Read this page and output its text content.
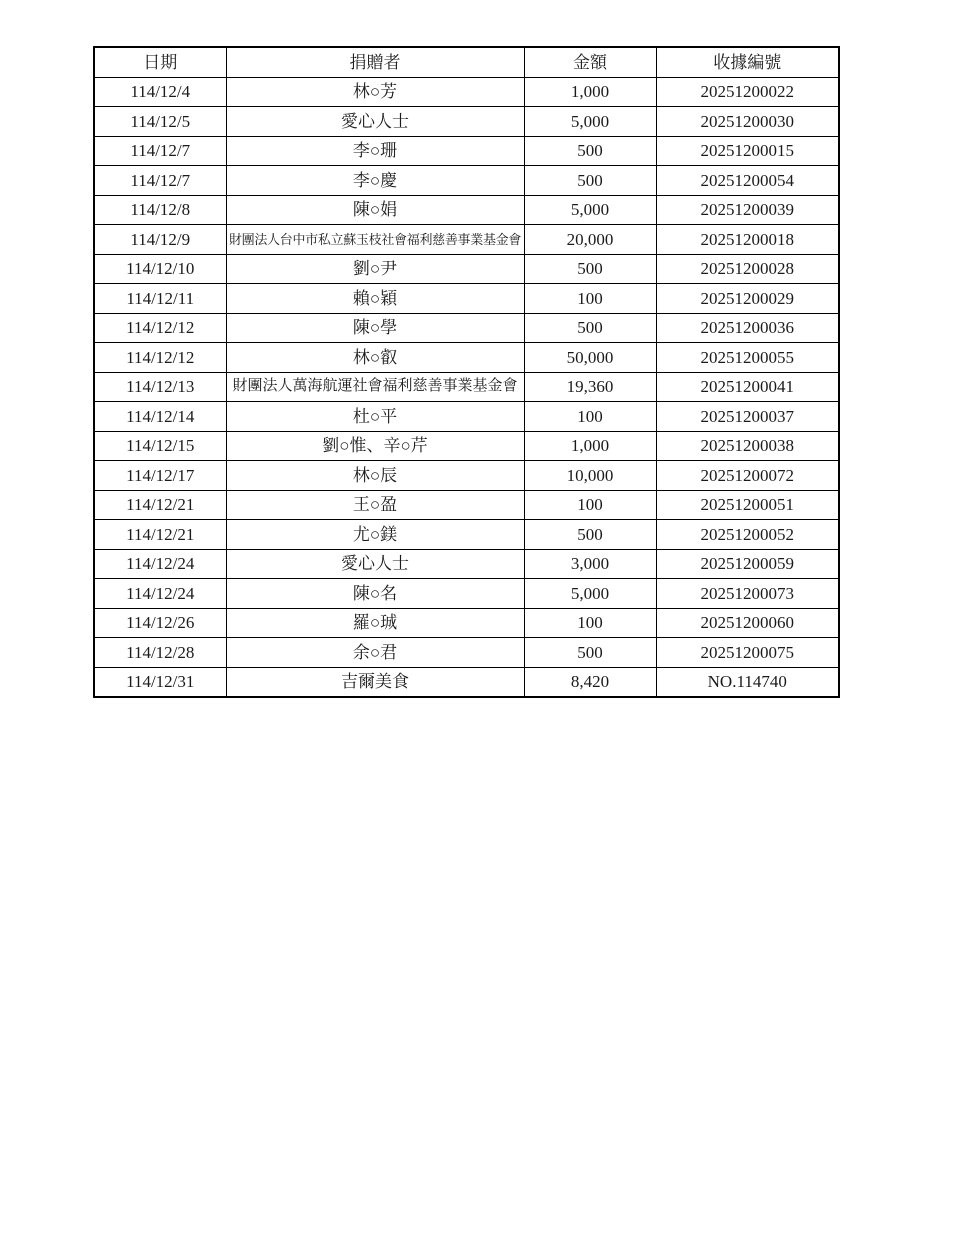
日期	捐贈者	金額	收據編號
114/12/4	林○芳	1,000	20251200022
114/12/5	愛心人士	5,000	20251200030
114/12/7	李○珊	500	20251200015
114/12/7	李○慶	500	20251200054
114/12/8	陳○娟	5,000	20251200039
114/12/9	財團法人台中市私立蘇玉枝社會福利慈善事業基金會	20,000	20251200018
114/12/10	劉○尹	500	20251200028
114/12/11	賴○穎	100	20251200029
114/12/12	陳○學	500	20251200036
114/12/12	林○叡	50,000	20251200055
114/12/13	財團法人萬海航運社會福利慈善事業基金會	19,360	20251200041
114/12/14	杜○平	100	20251200037
114/12/15	劉○惟、辛○芹	1,000	20251200038
114/12/17	林○辰	10,000	20251200072
114/12/21	王○盈	100	20251200051
114/12/21	尤○鎂	500	20251200052
114/12/24	愛心人士	3,000	20251200059
114/12/24	陳○名	5,000	20251200073
114/12/26	羅○珹	100	20251200060
114/12/28	余○君	500	20251200075
114/12/31	吉爾美食	8,420	NO.114740
